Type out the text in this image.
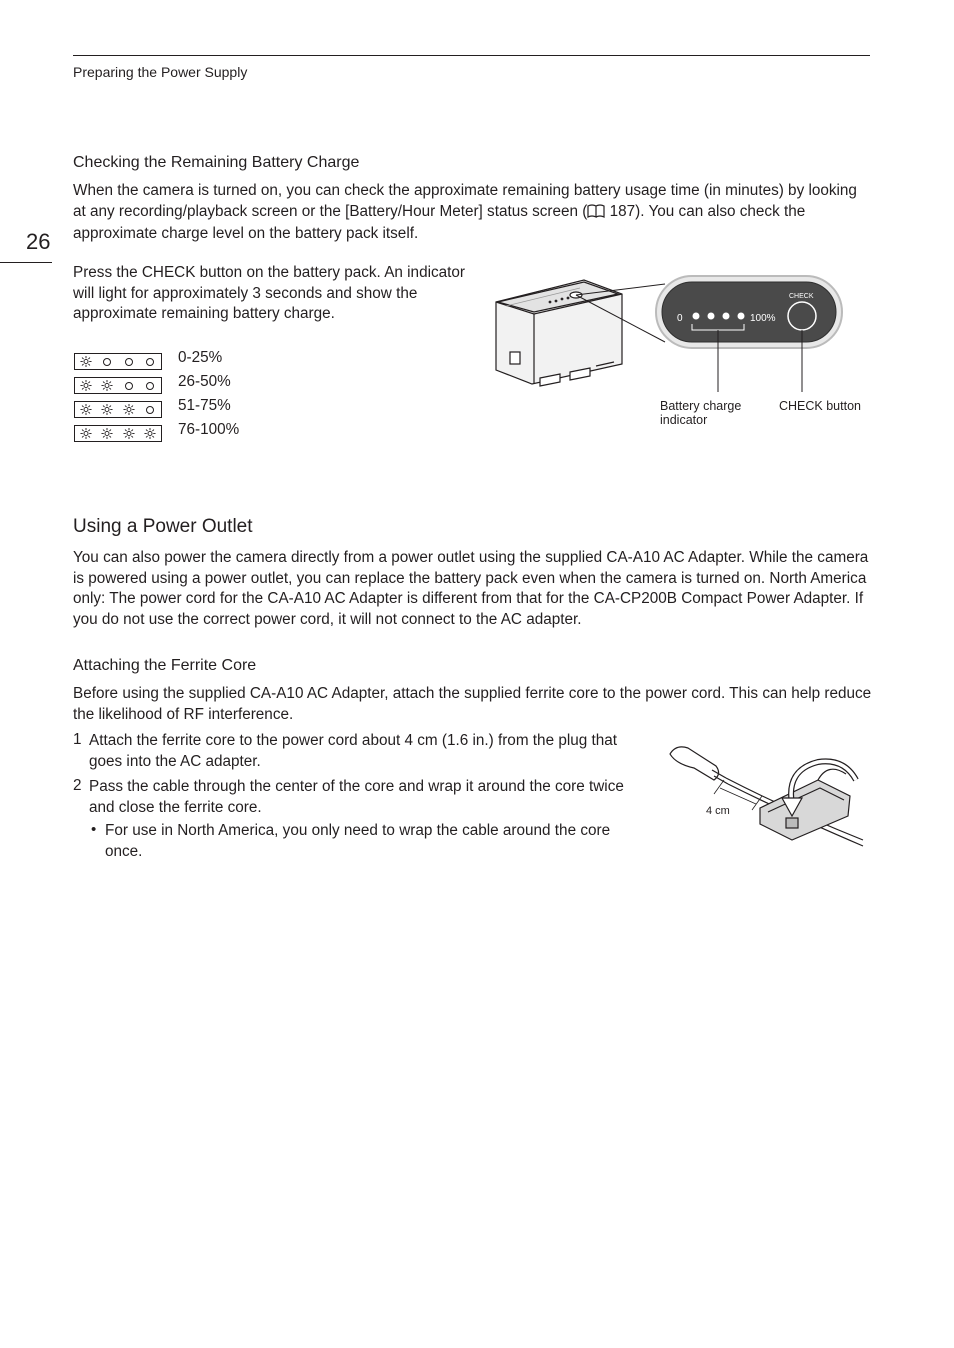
Preparing the Power Supply
26
Checking the Remaining Battery Charge

When the camera is turned on, you can check the approximate remaining battery usage time (in minutes) by looking at any recording/playback screen or the [Battery/Hour Meter] status screen ( 187). You can also check the approximate charge level on the battery pack itself.

Press the CHECK button on the battery pack. An indicator will light for approximately 3 seconds and show the approximate remaining battery charge.

0-25%
26-50%
51-75%
76-100%
0	100%
CHECK
Battery charge indicator
CHECK button
Using a Power Outlet

You can also power the camera directly from a power outlet using the supplied CA-A10 AC Adapter. While the camera is powered using a power outlet, you can replace the battery pack even when the camera is turned on. North America only: The power cord for the CA-A10 AC Adapter is different from that for the CA-CP200B Compact Power Adapter. If you do not use the correct power cord, it will not connect to the AC adapter.

Attaching the Ferrite Core

Before using the supplied CA-A10 AC Adapter, attach the supplied ferrite core to the power cord. This can help reduce the likelihood of RF interference.

1 Attach the ferrite core to the power cord about 4 cm (1.6 in.) from the plug that goes into the AC adapter.

2 Pass the cable through the center of the core and wrap it around the core twice and close the ferrite core.

• For use in North America, you only need to wrap the cable around the core once.

4 cm
